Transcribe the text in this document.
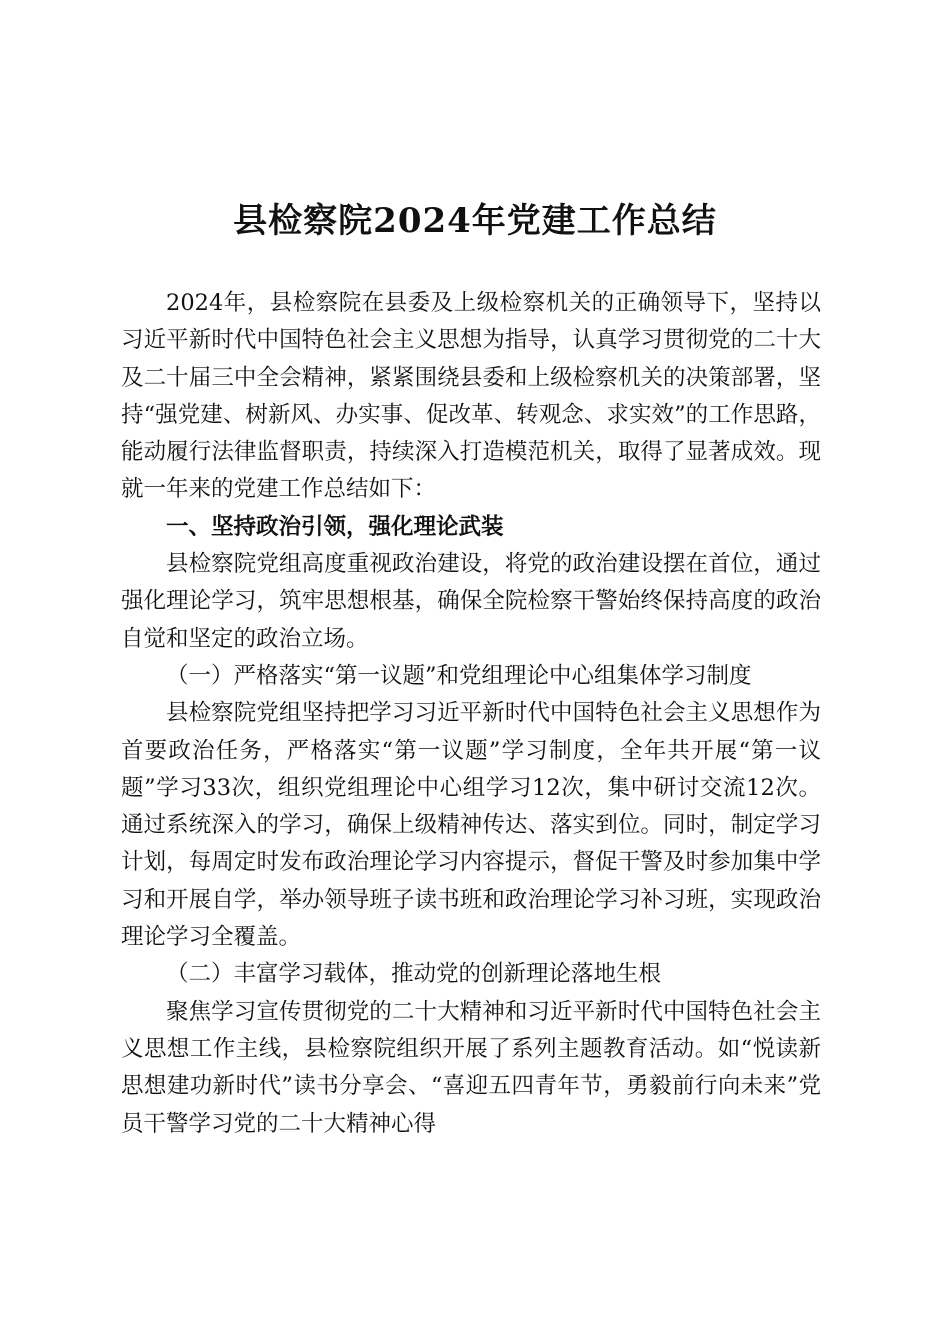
县检察院2024年党建工作总结

2024年，县检察院在县委及上级检察机关的正确领导下，坚持以习近平新时代中国特色社会主义思想为指导，认真学习贯彻党的二十大及二十届三中全会精神，紧紧围绕县委和上级检察机关的决策部署，坚持“强党建、树新风、办实事、促改革、转观念、求实效”的工作思路，能动履行法律监督职责，持续深入打造模范机关，取得了显著成效。现就一年来的党建工作总结如下：

一、坚持政治引领，强化理论武装

县检察院党组高度重视政治建设，将党的政治建设摆在首位，通过强化理论学习，筑牢思想根基，确保全院检察干警始终保持高度的政治自觉和坚定的政治立场。

（一）严格落实“第一议题”和党组理论中心组集体学习制度

县检察院党组坚持把学习习近平新时代中国特色社会主义思想作为首要政治任务，严格落实“第一议题”学习制度，全年共开展“第一议题”学习33次，组织党组理论中心组学习12次，集中研讨交流12次。通过系统深入的学习，确保上级精神传达、落实到位。同时，制定学习计划，每周定时发布政治理论学习内容提示，督促干警及时参加集中学习和开展自学，举办领导班子读书班和政治理论学习补习班，实现政治理论学习全覆盖。

（二）丰富学习载体，推动党的创新理论落地生根

聚焦学习宣传贯彻党的二十大精神和习近平新时代中国特色社会主义思想工作主线，县检察院组织开展了系列主题教育活动。如“悦读新思想建功新时代”读书分享会、“喜迎五四青年节，勇毅前行向未来”党员干警学习党的二十大精神心得
